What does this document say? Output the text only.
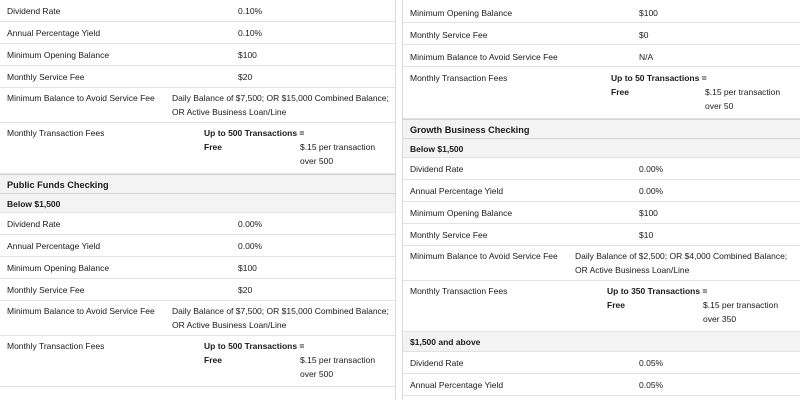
Dividend Rate	0.10%
Annual Percentage Yield	0.10%
Minimum Opening Balance	$100
Monthly Service Fee	$20
Minimum Balance to Avoid Service Fee Daily Balance of $7,500; OR $15,000 Combined Balance;
OR Active Business Loan/Line
Monthly Transaction Fees	Up to 500 Transactions =
Free	$.15 per transaction
over 500
Public Funds Checking
Below $1,500
Dividend Rate	0.00%
Annual Percentage Yield	0.00%
Minimum Opening Balance	$100
Monthly Service Fee	$20
Minimum Balance to Avoid Service Fee Daily Balance of $7,500; OR $15,000 Combined Balance;
OR Active Business Loan/Line
Monthly Transaction Fees	Up to 500 Transactions =
Free	$.15 per transaction
over 500
Minimum Opening Balance	$100
Monthly Service Fee	$0
Minimum Balance to Avoid Service Fee	N/A
Monthly Transaction Fees	Up to 50 Transactions =
Free	$.15 per transaction
over 50
Growth Business Checking
Below $1,500
Dividend Rate	0.00%
Annual Percentage Yield	0.00%
Minimum Opening Balance	$100
Monthly Service Fee	$10
Minimum Balance to Avoid Service Fee Daily Balance of $2,500; OR $4,000 Combined Balance;
OR Active Business Loan/Line
Monthly Transaction Fees	Up to 350 Transactions =
Free	$.15 per transaction
over 350
$1,500 and above
Dividend Rate	0.05%
Annual Percentage Yield	0.05%
